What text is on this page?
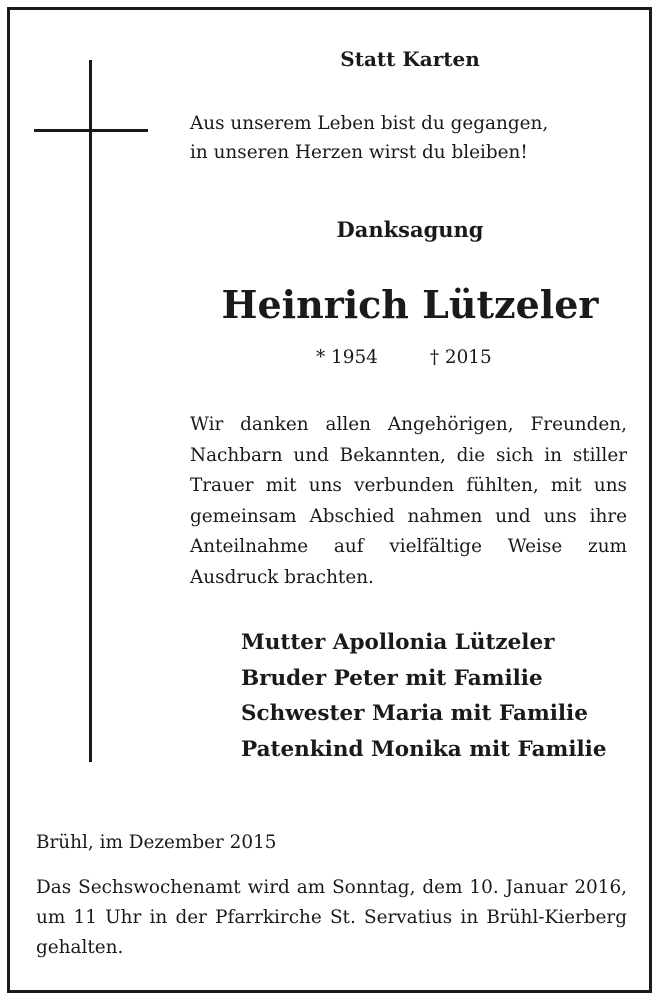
Statt Karten
Aus unserem Leben bist du gegangen,
in unseren Herzen wirst du bleiben!
Danksagung
Heinrich Lützeler
* 1954	† 2015
Wir danken allen Angehörigen, Freunden, Nachbarn und Bekannten, die sich in stiller Trauer mit uns verbunden fühlten, mit uns gemeinsam Abschied nahmen und uns ihre Anteilnahme auf vielfältige Weise zum Ausdruck brachten.
Mutter Apollonia Lützeler
Bruder Peter mit Familie
Schwester Maria mit Familie
Patenkind Monika mit Familie
Brühl, im Dezember 2015
Das Sechswochenamt wird am Sonntag, dem 10. Januar 2016, um 11 Uhr in der Pfarrkirche St. Servatius in Brühl-Kierberg gehalten.
